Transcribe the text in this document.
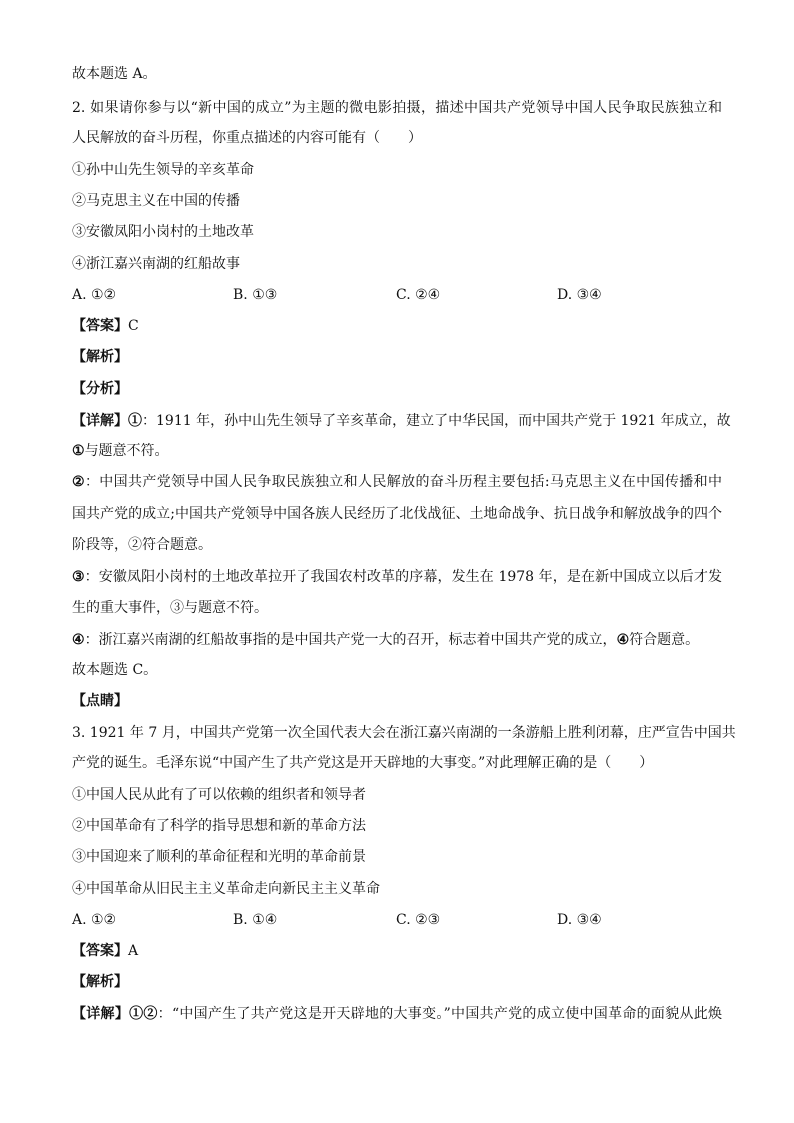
故本题选 A。
2. 如果请你参与以“新中国的成立”为主题的微电影拍摄，描述中国共产党领导中国人民争取民族独立和
人民解放的奋斗历程，你重点描述的内容可能有（　　）
①孙中山先生领导的辛亥革命
②马克思主义在中国的传播
③安徽凤阳小岗村的土地改革
④浙江嘉兴南湖的红船故事
A. ①②	B. ①③	C. ②④	D. ③④
【答案】C
【解析】
【分析】
【详解】①：1911 年，孙中山先生领导了辛亥革命，建立了中华民国，而中国共产党于 1921 年成立，故
①与题意不符。
②：中国共产党领导中国人民争取民族独立和人民解放的奋斗历程主要包括:马克思主义在中国传播和中
国共产党的成立;中国共产党领导中国各族人民经历了北伐战征、土地命战争、抗日战争和解放战争的四个
阶段等，②符合题意。
③：安徽凤阳小岗村的土地改革拉开了我国农村改革的序幕，发生在 1978 年，是在新中国成立以后才发
生的重大事件，③与题意不符。
④：浙江嘉兴南湖的红船故事指的是中国共产党一大的召开，标志着中国共产党的成立，④符合题意。
故本题选 C。
【点睛】
3. 1921 年 7 月，中国共产党第一次全国代表大会在浙江嘉兴南湖的一条游船上胜利闭幕，庄严宣告中国共
产党的诞生。毛泽东说“中国产生了共产党这是开天辟地的大事变。”对此理解正确的是（　　）
①中国人民从此有了可以依赖的组织者和领导者
②中国革命有了科学的指导思想和新的革命方法
③中国迎来了顺利的革命征程和光明的革命前景
④中国革命从旧民主主义革命走向新民主主义革命
A. ①②	B. ①④	C. ②③	D. ③④
【答案】A
【解析】
【详解】①②：“中国产生了共产党这是开天辟地的大事变。”中国共产党的成立使中国革命的面貌从此焕
